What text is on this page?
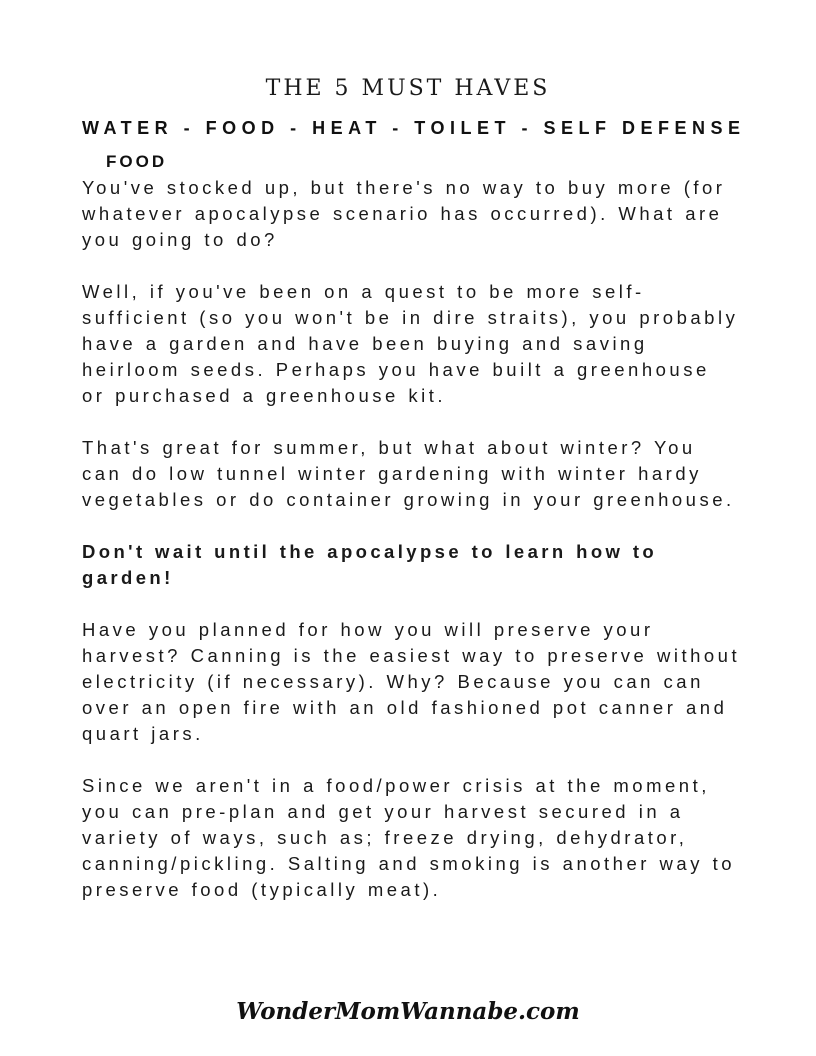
THE 5 MUST HAVES
WATER - FOOD - HEAT - TOILET - SELF DEFENSE
FOOD

You've stocked up, but there's no way to buy more (for whatever apocalypse scenario has occurred). What are you going to do?

Well, if you've been on a quest to be more self-sufficient (so you won't be in dire straits), you probably have a garden and have been buying and saving heirloom seeds. Perhaps you have built a greenhouse or purchased a greenhouse kit.

That's great for summer, but what about winter? You can do low tunnel winter gardening with winter hardy vegetables or do container growing in your greenhouse.

Don't wait until the apocalypse to learn how to garden!

Have you planned for how you will preserve your harvest? Canning is the easiest way to preserve without electricity (if necessary). Why? Because you can can over an open fire with an old fashioned pot canner and quart jars.

Since we aren't in a food/power crisis at the moment, you can pre-plan and get your harvest secured in a variety of ways, such as; freeze drying, dehydrator, canning/pickling. Salting and smoking is another way to preserve food (typically meat).

WonderMomWannabe.com
